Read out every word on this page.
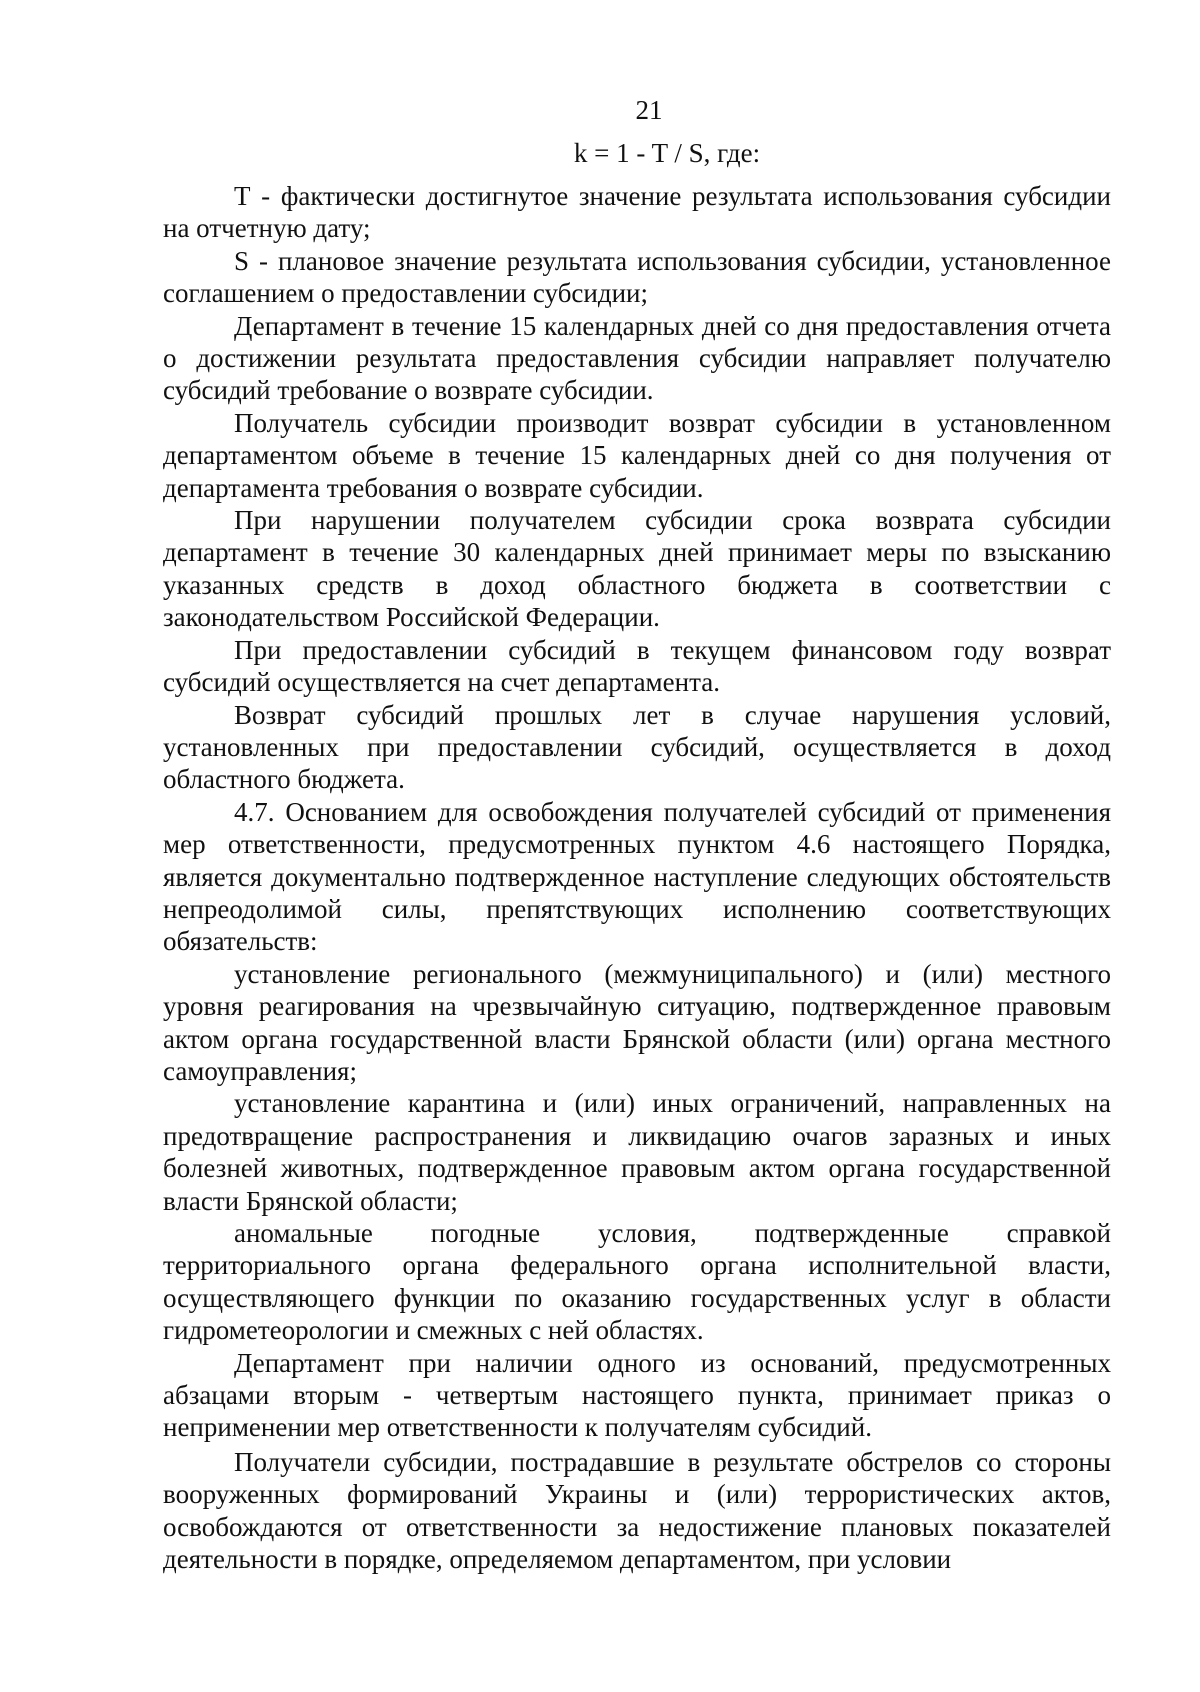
21
k = 1 - T / S, где:

Т - фактически достигнутое значение результата использования субсидии на отчетную дату;

S - плановое значение результата использования субсидии, установленное соглашением о предоставлении субсидии;

Департамент в течение 15 календарных дней со дня предоставления отчета о достижении результата предоставления субсидии направляет получателю субсидий требование о возврате субсидии.

Получатель субсидии производит возврат субсидии в установленном департаментом объеме в течение 15 календарных дней со дня получения от департамента требования о возврате субсидии.

При нарушении получателем субсидии срока возврата субсидии департамент в течение 30 календарных дней принимает меры по взысканию указанных средств в доход областного бюджета в соответствии с законодательством Российской Федерации.

При предоставлении субсидий в текущем финансовом году возврат субсидий осуществляется на счет департамента.

Возврат субсидий прошлых лет в случае нарушения условий, установленных при предоставлении субсидий, осуществляется в доход областного бюджета.

4.7. Основанием для освобождения получателей субсидий от применения мер ответственности, предусмотренных пунктом 4.6 настоящего Порядка, является документально подтвержденное наступление следующих обстоятельств непреодолимой силы, препятствующих исполнению соответствующих обязательств:

установление регионального (межмуниципального) и (или) местного уровня реагирования на чрезвычайную ситуацию, подтвержденное правовым актом органа государственной власти Брянской области (или) органа местного самоуправления;

установление карантина и (или) иных ограничений, направленных на предотвращение распространения и ликвидацию очагов заразных и иных болезней животных, подтвержденное правовым актом органа государственной власти Брянской области;

аномальные погодные условия, подтвержденные справкой территориального органа федерального органа исполнительной власти, осуществляющего функции по оказанию государственных услуг в области гидрометеорологии и смежных с ней областях.

Департамент при наличии одного из оснований, предусмотренных абзацами вторым - четвертым настоящего пункта, принимает приказ о неприменении мер ответственности к получателям субсидий.

Получатели субсидии, пострадавшие в результате обстрелов со стороны вооруженных формирований Украины и (или) террористических актов, освобождаются от ответственности за недостижение плановых показателей деятельности в порядке, определяемом департаментом, при условии
